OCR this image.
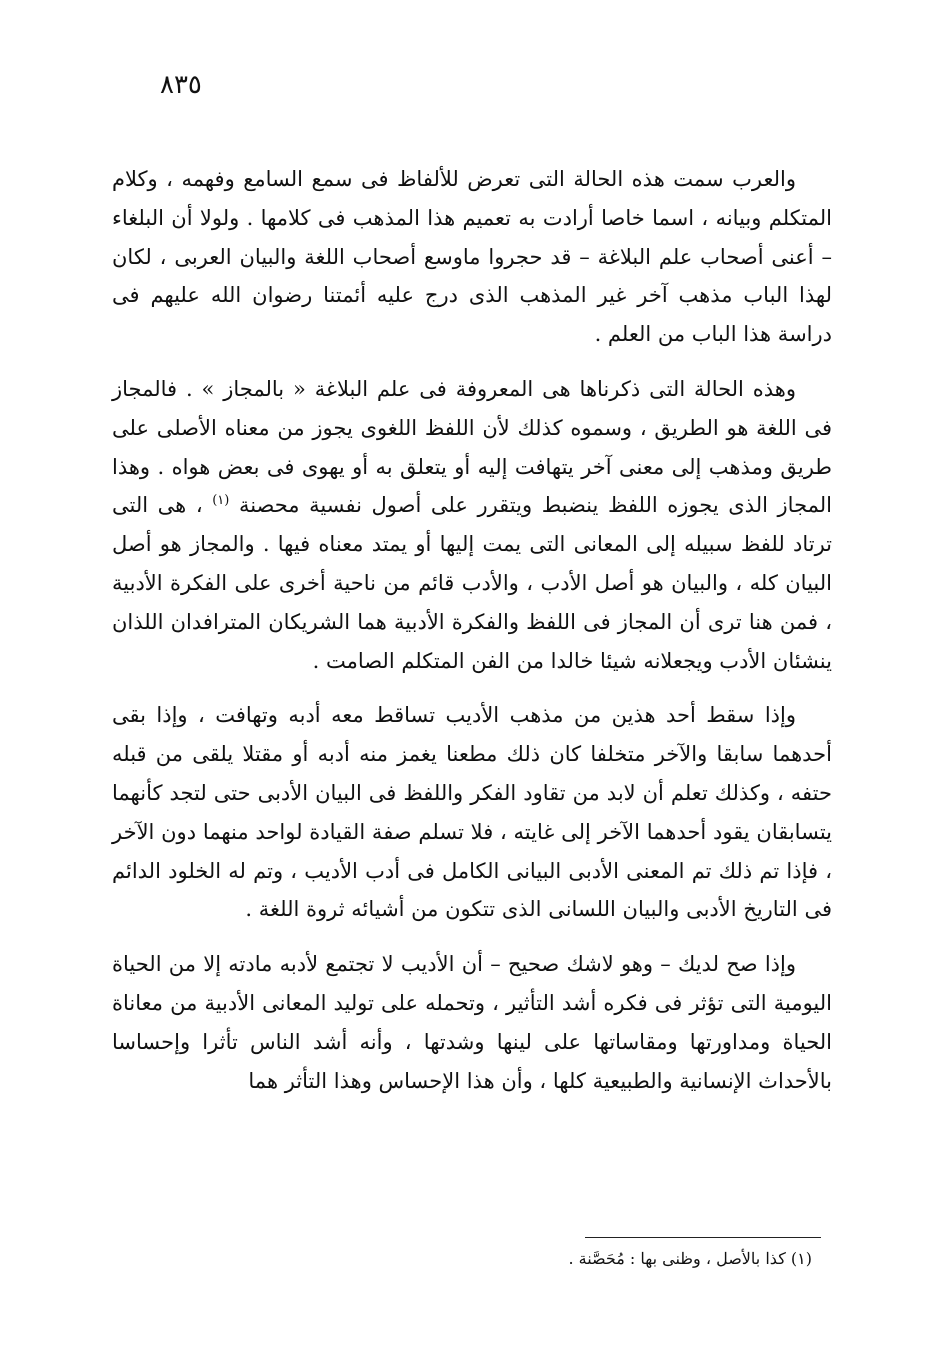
٨٣٥

والعرب سمت هذه الحالة التى تعرض للألفاظ فى سمع السامع وفهمه ، وكلام المتكلم وبيانه ، اسما خاصا أرادت به تعميم هذا المذهب فى كلامها . ولولا أن البلغاء – أعنى أصحاب علم البلاغة – قد حجروا ماوسع أصحاب اللغة والبيان العربى ، لكان لهذا الباب مذهب آخر غير المذهب الذى درج عليه أئمتنا رضوان الله عليهم فى دراسة هذا الباب من العلم .

وهذه الحالة التى ذكرناها هى المعروفة فى علم البلاغة « بالمجاز » . فالمجاز فى اللغة هو الطريق ، وسموه كذلك لأن اللفظ اللغوى يجوز من معناه الأصلى على طريق ومذهب إلى معنى آخر يتهافت إليه أو يتعلق به أو يهوى فى بعض هواه . وهذا المجاز الذى يجوزه اللفظ ينضبط ويتقرر على أصول نفسية محصنة $^{(١)}$ ، هى التى ترتاد للفظ سبيله إلى المعانى التى يمت إليها أو يمتد معناه فيها . والمجاز هو أصل البيان كله ، والبيان هو أصل الأدب ، والأدب قائم من ناحية أخرى على الفكرة الأدبية ، فمن هنا ترى أن المجاز فى اللفظ والفكرة الأدبية هما الشريكان المترافدان اللذان ينشئان الأدب ويجعلانه شيئا خالدا من الفن المتكلم الصامت .

وإذا سقط أحد هذين من مذهب الأديب تساقط معه أدبه وتهافت ، وإذا بقى أحدهما سابقا والآخر متخلفا كان ذلك مطعنا يغمز منه أدبه أو مقتلا يلقى من قبله حتفه ، وكذلك تعلم أن لابد من تقاود الفكر واللفظ فى البيان الأدبى حتى لتجد كأنهما يتسابقان يقود أحدهما الآخر إلى غايته ، فلا تسلم صفة القيادة لواحد منهما دون الآخر ، فإذا تم ذلك تم المعنى الأدبى البيانى الكامل فى أدب الأديب ، وتم له الخلود الدائم فى التاريخ الأدبى والبيان اللسانى الذى تتكون من أشيائه ثروة اللغة .

وإذا صح لديك – وهو لاشك صحيح – أن الأديب لا تجتمع لأدبه مادته إلا من الحياة اليومية التى تؤثر فى فكره أشد التأثير ، وتحمله على توليد المعانى الأدبية من معاناة الحياة ومداورتها ومقاساتها على لينها وشدتها ، وأنه أشد الناس تأثرا وإحساسا بالأحداث الإنسانية والطبيعية كلها ، وأن هذا الإحساس وهذا التأثر هما

(١) كذا بالأصل ، وظنى بها : مُحَصَّنة .
